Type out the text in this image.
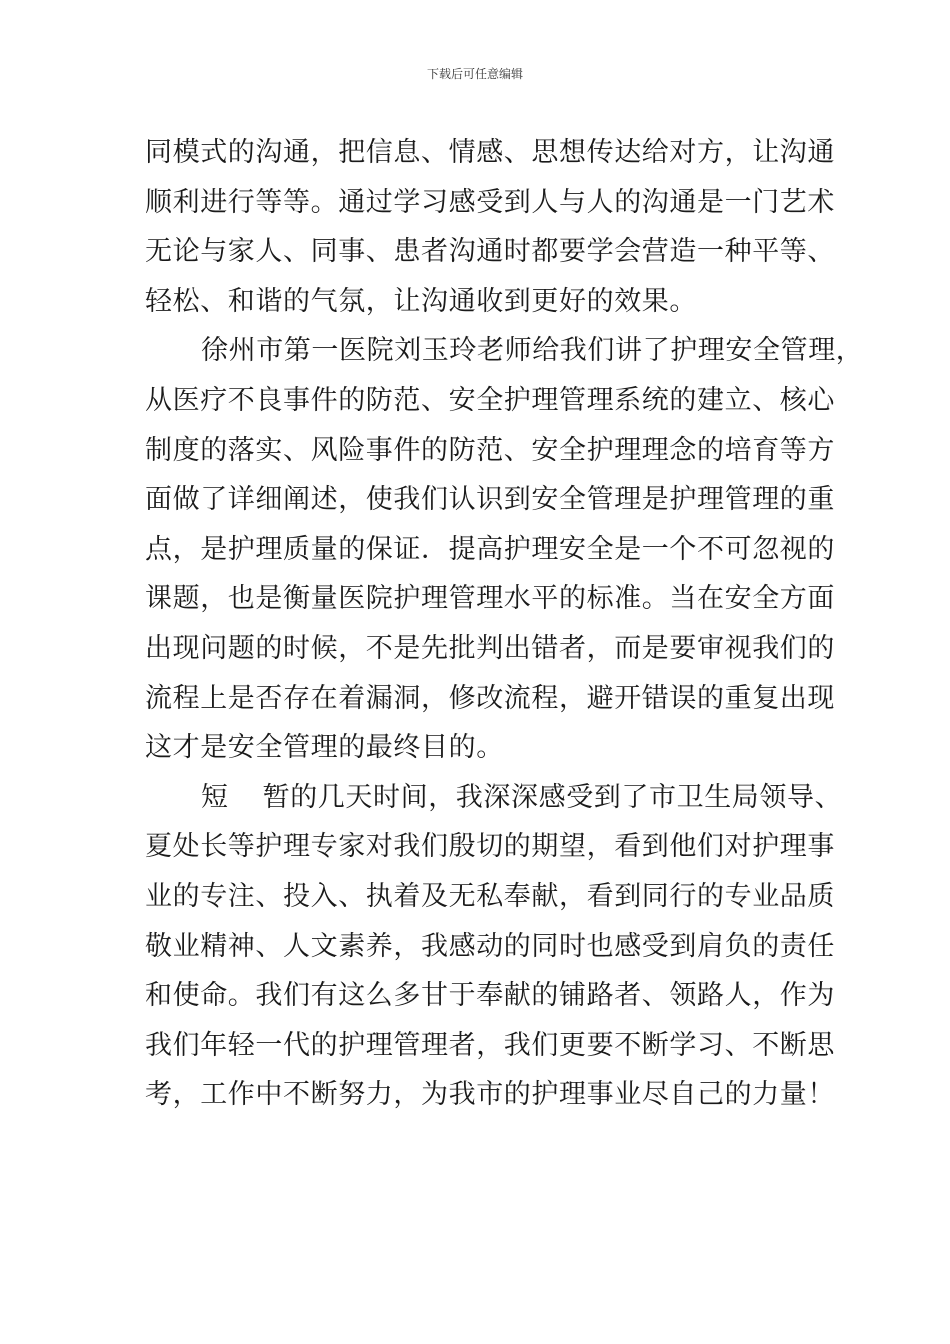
下载后可任意编辑
同模式的沟通，把信息、情感、思想传达给对方，让沟通
顺利进行等等。通过学习感受到人与人的沟通是一门艺术
无论与家人、同事、患者沟通时都要学会营造一种平等、
轻松、和谐的气氛，让沟通收到更好的效果。
徐州市第一医院刘玉玲老师给我们讲了护理安全管理，
从医疗不良事件的防范、安全护理管理系统的建立、核心
制度的落实、风险事件的防范、安全护理理念的培育等方
面做了详细阐述，使我们认识到安全管理是护理管理的重
点，是护理质量的保证．提高护理安全是一个不可忽视的
课题，也是衡量医院护理管理水平的标准。当在安全方面
出现问题的时候，不是先批判出错者，而是要审视我们的
流程上是否存在着漏洞，修改流程，避开错误的重复出现
这才是安全管理的最终目的。
短 暂的几天时间，我深深感受到了市卫生局领导、
夏处长等护理专家对我们殷切的期望，看到他们对护理事
业的专注、投入、执着及无私奉献，看到同行的专业品质
敬业精神、人文素养，我感动的同时也感受到肩负的责任
和使命。我们有这么多甘于奉献的铺路者、领路人，作为
我们年轻一代的护理管理者，我们更要不断学习、不断思
考，工作中不断努力，为我市的护理事业尽自己的力量！
